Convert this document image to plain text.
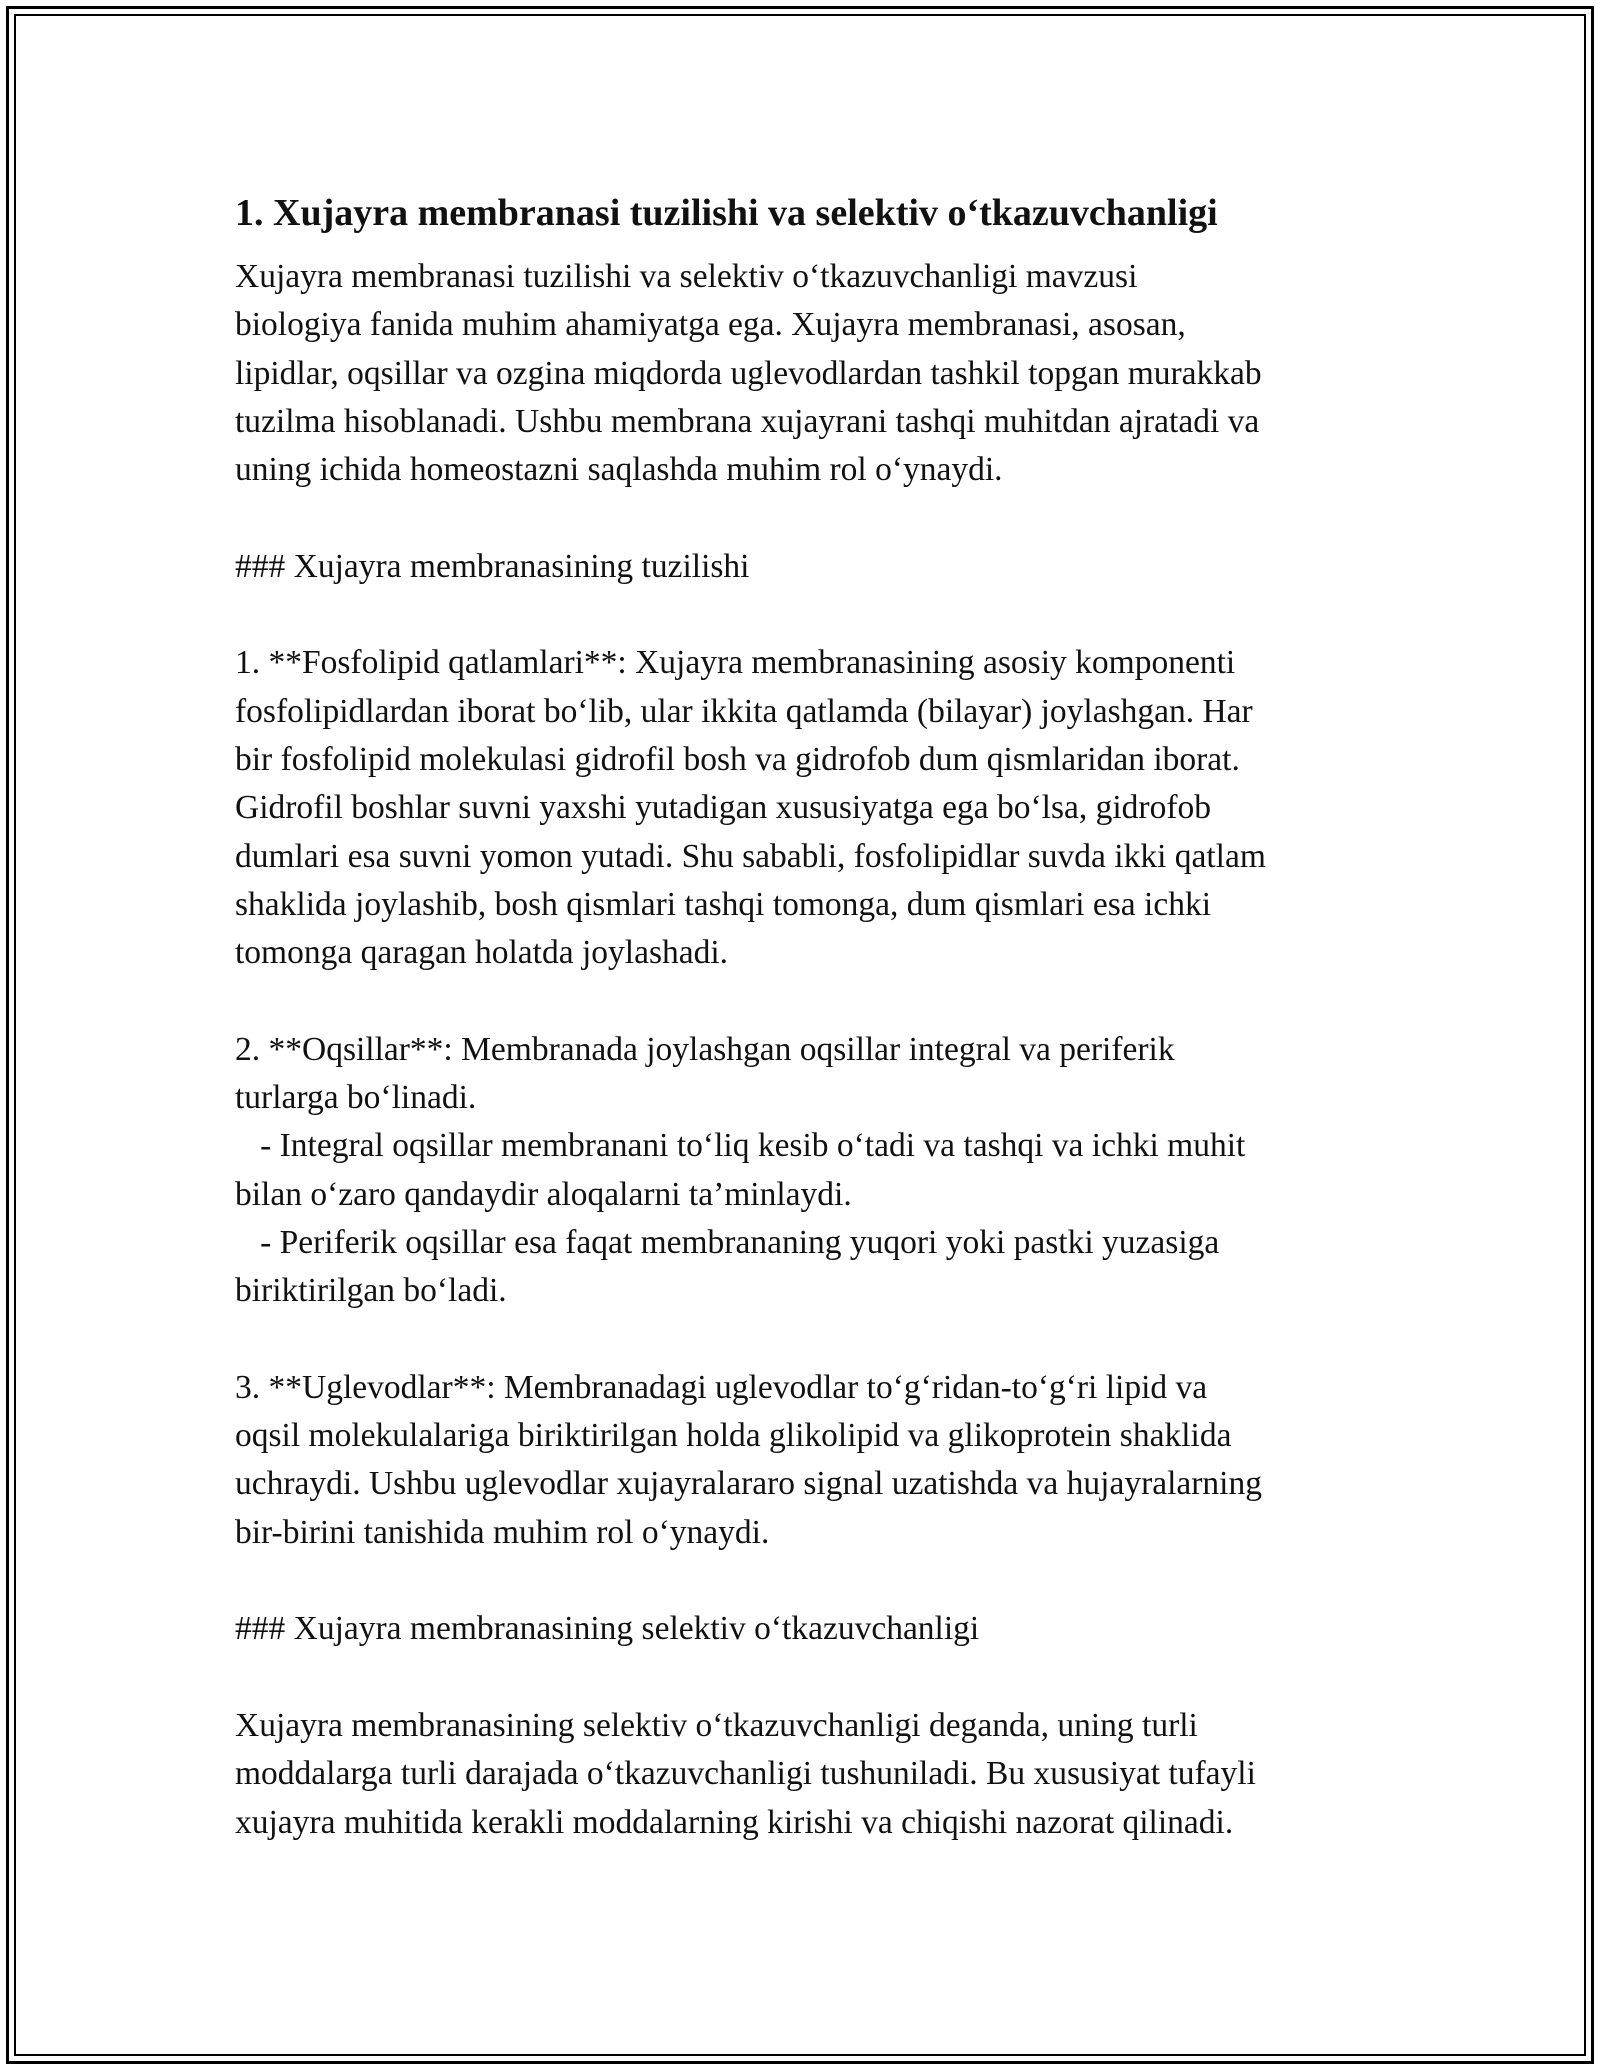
1. Xujayra membranasi tuzilishi va selektiv o‘tkazuvchanligi
Xujayra membranasi tuzilishi va selektiv o‘tkazuvchanligi mavzusi
biologiya fanida muhim ahamiyatga ega. Xujayra membranasi, asosan,
lipidlar, oqsillar va ozgina miqdorda uglevodlardan tashkil topgan murakkab
tuzilma hisoblanadi. Ushbu membrana xujayrani tashqi muhitdan ajratadi va
uning ichida homeostazni saqlashda muhim rol o‘ynaydi.
### Xujayra membranasining tuzilishi
1. **Fosfolipid qatlamlari**: Xujayra membranasining asosiy komponenti
fosfolipidlardan iborat bo‘lib, ular ikkita qatlamda (bilayar) joylashgan. Har
bir fosfolipid molekulasi gidrofil bosh va gidrofob dum qismlaridan iborat.
Gidrofil boshlar suvni yaxshi yutadigan xususiyatga ega bo‘lsa, gidrofob
dumlari esa suvni yomon yutadi. Shu sababli, fosfolipidlar suvda ikki qatlam
shaklida joylashib, bosh qismlari tashqi tomonga, dum qismlari esa ichki
tomonga qaragan holatda joylashadi.
2. **Oqsillar**: Membranada joylashgan oqsillar integral va periferik
turlarga bo‘linadi.
- Integral oqsillar membranani to‘liq kesib o‘tadi va tashqi va ichki muhit
bilan o‘zaro qandaydir aloqalarni ta’minlaydi.
- Periferik oqsillar esa faqat membrananing yuqori yoki pastki yuzasiga
biriktirilgan bo‘ladi.
3. **Uglevodlar**: Membranadagi uglevodlar to‘g‘ridan-to‘g‘ri lipid va
oqsil molekulalariga biriktirilgan holda glikolipid va glikoprotein shaklida
uchraydi. Ushbu uglevodlar xujayralararo signal uzatishda va hujayralarning
bir-birini tanishida muhim rol o‘ynaydi.
### Xujayra membranasining selektiv o‘tkazuvchanligi
Xujayra membranasining selektiv o‘tkazuvchanligi deganda, uning turli
moddalarga turli darajada o‘tkazuvchanligi tushuniladi. Bu xususiyat tufayli
xujayra muhitida kerakli moddalarning kirishi va chiqishi nazorat qilinadi.
